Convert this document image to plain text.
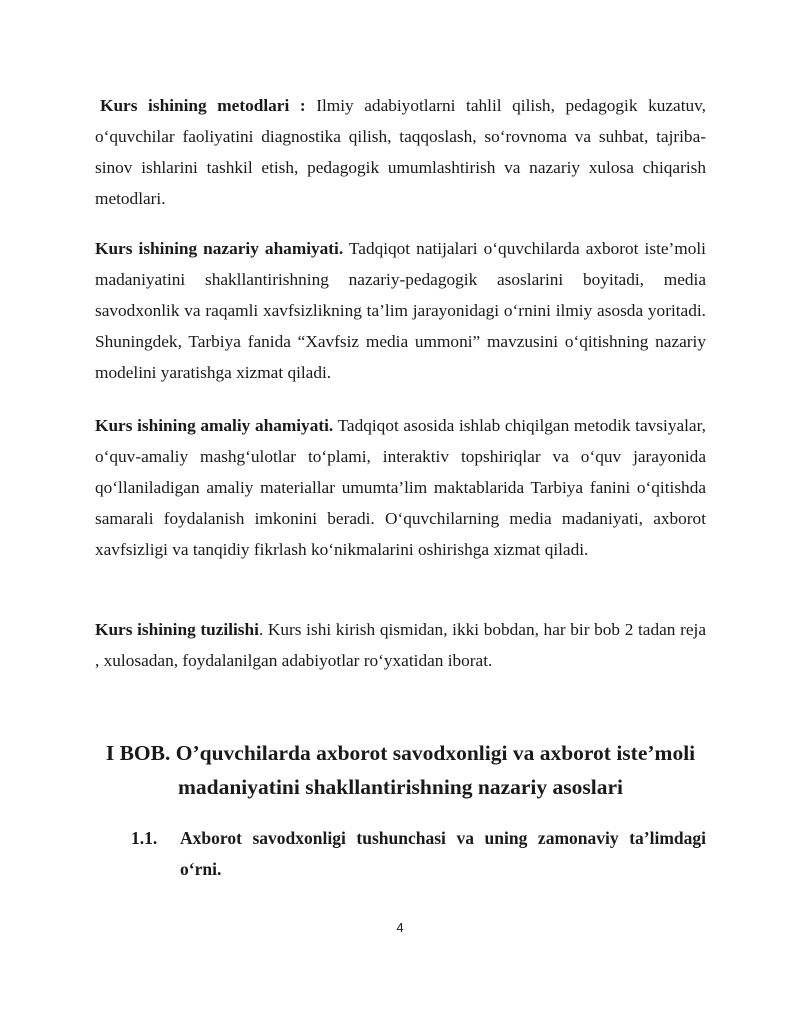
Kurs ishining metodlari : Ilmiy adabiyotlarni tahlil qilish, pedagogik kuzatuv, o‘quvchilar faoliyatini diagnostika qilish, taqqoslash, so‘rovnoma va suhbat, tajriba-sinov ishlarini tashkil etish, pedagogik umumlashtirish va nazariy xulosa chiqarish metodlari.

Kurs ishining nazariy ahamiyati. Tadqiqot natijalari o‘quvchilarda axborot iste’moli madaniyatini shakllantirishning nazariy-pedagogik asoslarini boyitadi, media savodxonlik va raqamli xavfsizlikning ta’lim jarayonidagi o‘rnini ilmiy asosda yoritadi. Shuningdek, Tarbiya fanida “Xavfsiz media ummoni” mavzusini o‘qitishning nazariy modelini yaratishga xizmat qiladi.

Kurs ishining amaliy ahamiyati. Tadqiqot asosida ishlab chiqilgan metodik tavsiyalar, o‘quv-amaliy mashg‘ulotlar to‘plami, interaktiv topshiriqlar va o‘quv jarayonida qo‘llaniladigan amaliy materiallar umumta’lim maktablarida Tarbiya fanini o‘qitishda samarali foydalanish imkonini beradi. O‘quvchilarning media madaniyati, axborot xavfsizligi va tanqidiy fikrlash ko‘nikmalarini oshirishga xizmat qiladi.

Kurs ishining tuzilishi. Kurs ishi kirish qismidan, ikki bobdan, har bir bob 2 tadan reja , xulosadan, foydalanilgan adabiyotlar ro‘yxatidan iborat.

I BOB. O’quvchilarda axborot savodxonligi va axborot iste’moli
madaniyatini shakllantirishning nazariy asoslari
1.1. Axborot savodxonligi tushunchasi va uning zamonaviy ta’limdagi o‘rni.
4
